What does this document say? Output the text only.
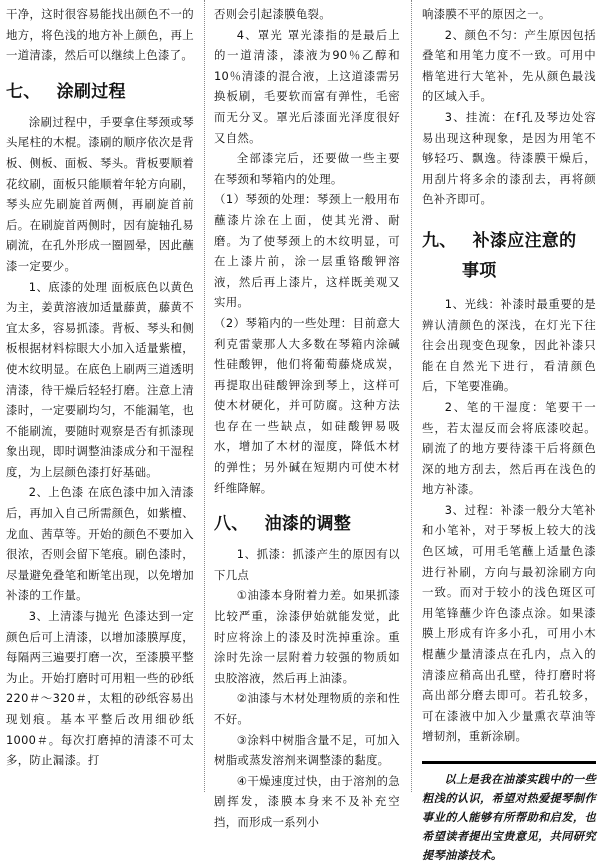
干净，这时很容易能找出颜色不一的地方，将色浅的地方补上颜色，再上一道清漆，然后可以继续上色漆了。

七、 涂刷过程

涂刷过程中，手要拿住琴颈或琴头尾柱的木棍。漆刷的顺序依次是背板、侧板、面板、琴头。背板要顺着花纹刷，面板只能顺着年轮方向刷，琴头应先刷旋首两侧，再刷旋首前后。在刷旋首两侧时，因有旋轴孔易刷流，在孔外形成一圈圆晕，因此蘸漆一定要少。

1、底漆的处理 面板底色以黄色为主，姜黄溶液加适量藤黄，藤黄不宜太多，容易抓漆。背板、琴头和侧板根据材料棕眼大小加入适量紫檀，使木纹明显。在底色上刷两三道透明清漆，待干燥后轻轻打磨。注意上清漆时，一定要刷均匀，不能漏笔，也不能刷流，要随时观察是否有抓漆现象出现，即时调整油漆成分和干湿程度，为上层颜色漆打好基础。

2、上色漆 在底色漆中加入清漆后，再加入自己所需颜色，如紫檀、龙血、茜草等。开始的颜色不要加入很浓，否则会留下笔痕。刷色漆时，尽量避免叠笔和断笔出现，以免增加补漆的工作量。

3、上清漆与抛光 色漆达到一定颜色后可上清漆，以增加漆膜厚度，每隔两三遍要打磨一次，至漆膜平整为止。开始打磨时可用粗一些的砂纸220＃～320＃，太粗的砂纸容易出现划痕。基本平整后改用细砂纸1000＃。每次打磨掉的清漆不可太多，防止漏漆。打

否则会引起漆膜龟裂。

4、罩光 罩光漆指的是最后上的一道清漆，漆液为90％乙醇和10％清漆的混合液，上这道漆需另换板刷，毛要软而富有弹性，毛密而无分叉。罩光后漆面光泽度很好又自然。

全部漆完后，还要做一些主要在琴颈和琴箱内的处理。

（1）琴颈的处理：琴颈上一般用布蘸漆片涂在上面，使其光滑、耐磨。为了使琴颈上的木纹明显，可在上漆片前，涂一层重铬酸钾溶液，然后再上漆片，这样既美观又实用。

（2）琴箱内的一些处理：目前意大利克雷蒙那人大多数在琴箱内涂碱性硅酸钾，他们将葡萄藤烧成炭，再提取出硅酸钾涂到琴上，这样可使木材硬化，并可防腐。这种方法也存在一些缺点，如硅酸钾易吸水，增加了木材的湿度，降低木材的弹性；另外碱在短期内可使木材纤维降解。

八、 油漆的调整

1、抓漆：抓漆产生的原因有以下几点

①油漆本身附着力差。如果抓漆比较严重，涂漆伊始就能发觉，此时应将涂上的漆及时洗掉重涂。重涂时先涂一层附着力较强的物质如虫胶溶液，然后再上油漆。

②油漆与木材处理物质的亲和性不好。

③涂料中树脂含量不足，可加入树脂或蒸发溶剂来调整漆的黏度。

④干燥速度过快，由于溶剂的急剧挥发，漆膜本身来不及补充空挡，而形成一系列小

响漆膜不平的原因之一。

2、颜色不匀：产生原因包括叠笔和用笔力度不一致。可用中楷笔进行大笔补，先从颜色最浅的区域入手。

3、挂流：在f孔及琴边处容易出现这种现象，是因为用笔不够轻巧、飘逸。待漆膜干燥后，用刮片将多余的漆刮去，再将颜色补齐即可。

九、 补漆应注意的
事项

1、光线：补漆时最重要的是辨认清颜色的深浅，在灯光下往往会出现变色现象，因此补漆只能在自然光下进行，看清颜色后，下笔要准确。

2、笔的干湿度：笔要干一些，若太湿反而会将底漆咬起。刷流了的地方要待漆干后将颜色深的地方刮去，然后再在浅色的地方补漆。

3、过程：补漆一般分大笔补和小笔补，对于琴板上较大的浅色区域，可用毛笔蘸上适量色漆进行补刷，方向与最初涂刷方向一致。而对于较小的浅色斑区可用笔锋蘸少许色漆点涂。如果漆膜上形成有许多小孔，可用小木棍蘸少量清漆点在孔内，点入的清漆应稍高出孔壁，待打磨时将高出部分磨去即可。若孔较多，可在漆液中加入少量熏衣草油等增韧剂，重新涂刷。

以上是我在油漆实践中的一些粗浅的认识，希望对热爱提琴制作事业的人能够有所帮助和启发，也希望读者提出宝贵意见，共同研究提琴油漆技术。
